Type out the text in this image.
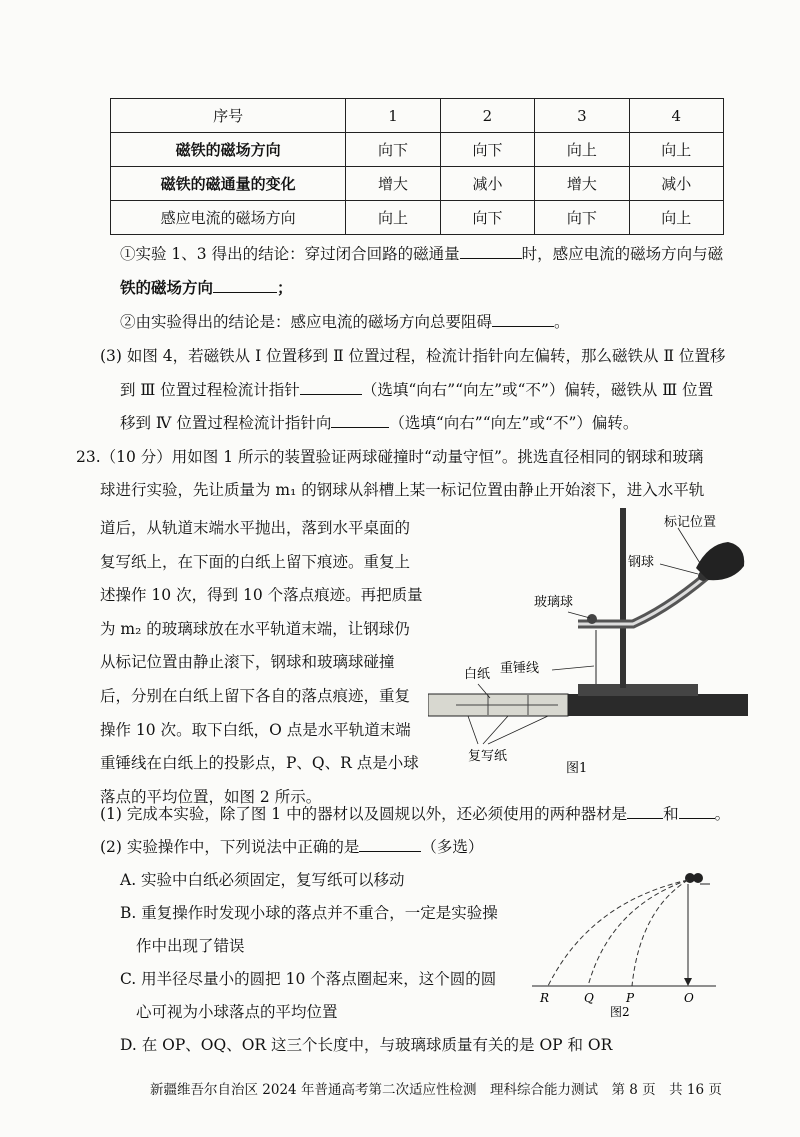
序号	1	2	3	4
磁铁的磁场方向	向下	向下	向上	向上
磁铁的磁通量的变化	增大	减小	增大	减小
感应电流的磁场方向	向上	向下	向下	向上
①实验 1、3 得出的结论：穿过闭合回路的磁通量	时，感应电流的磁场方向与磁
铁的磁场方向	；
②由实验得出的结论是：感应电流的磁场方向总要阻碍	。
(3) 如图 4，若磁铁从 Ⅰ 位置移到 Ⅱ 位置过程，检流计指针向左偏转，那么磁铁从 Ⅱ 位置移
到 Ⅲ 位置过程检流计指针	（选填“向右”“向左”或“不”）偏转，磁铁从 Ⅲ 位置
移到 Ⅳ 位置过程检流计指针向	（选填“向右”“向左”或“不”）偏转。
23.（10 分）用如图 1 所示的装置验证两球碰撞时“动量守恒”。挑选直径相同的钢球和玻璃
球进行实验，先让质量为 m₁ 的钢球从斜槽上某一标记位置由静止开始滚下，进入水平轨
道后，从轨道末端水平抛出，落到水平桌面的
复写纸上，在下面的白纸上留下痕迹。重复上
述操作 10 次，得到 10 个落点痕迹。再把质量
为 m₂ 的玻璃球放在水平轨道末端，让钢球仍
从标记位置由静止滚下，钢球和玻璃球碰撞
后，分别在白纸上留下各自的落点痕迹，重复
操作 10 次。取下白纸，O 点是水平轨道末端
重锤线在白纸上的投影点，P、Q、R 点是小球
落点的平均位置，如图 2 所示。
标记位置
钢球
玻璃球
重锤线
白纸
复写纸
图1
(1) 完成本实验，除了图 1 中的器材以及圆规以外，还必须使用的两种器材是 和 。
(2) 实验操作中，下列说法中正确的是	（多选）
A. 实验中白纸必须固定，复写纸可以移动
B. 重复操作时发现小球的落点并不重合，一定是实验操
作中出现了错误
C. 用半径尽量小的圆把 10 个落点圈起来，这个圆的圆
心可视为小球落点的平均位置
D. 在 OP、OQ、OR 这三个长度中，与玻璃球质量有关的是 OP 和 OR
R	Q	P	O
图2
新疆维吾尔自治区 2024 年普通高考第二次适应性检测　理科综合能力测试　第 8 页　共 16 页
